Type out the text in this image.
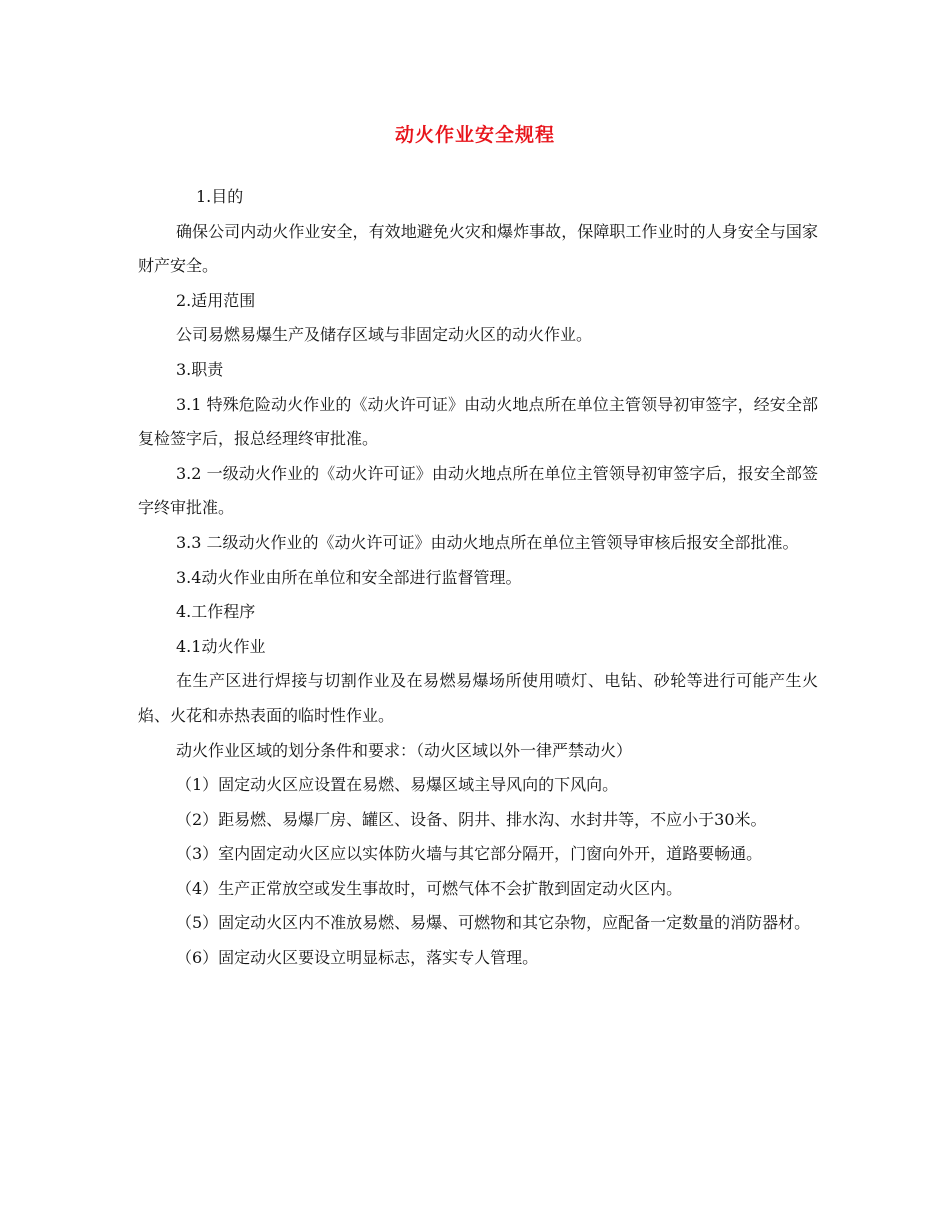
动火作业安全规程

1.目的

确保公司内动火作业安全，有效地避免火灾和爆炸事故，保障职工作业时的人身安全与国家财产安全。

2.适用范围

公司易燃易爆生产及储存区域与非固定动火区的动火作业。

3.职责

3.1 特殊危险动火作业的《动火许可证》由动火地点所在单位主管领导初审签字，经安全部复检签字后，报总经理终审批准。

3.2 一级动火作业的《动火许可证》由动火地点所在单位主管领导初审签字后，报安全部签字终审批准。

3.3 二级动火作业的《动火许可证》由动火地点所在单位主管领导审核后报安全部批准。

3.4动火作业由所在单位和安全部进行监督管理。

4.工作程序

4.1动火作业

在生产区进行焊接与切割作业及在易燃易爆场所使用喷灯、电钻、砂轮等进行可能产生火焰、火花和赤热表面的临时性作业。

动火作业区域的划分条件和要求：（动火区域以外一律严禁动火）

（1）固定动火区应设置在易燃、易爆区域主导风向的下风向。

（2）距易燃、易爆厂房、罐区、设备、阴井、排水沟、水封井等，不应小于30米。

（3）室内固定动火区应以实体防火墙与其它部分隔开，门窗向外开，道路要畅通。

（4）生产正常放空或发生事故时，可燃气体不会扩散到固定动火区内。

（5）固定动火区内不准放易燃、易爆、可燃物和其它杂物，应配备一定数量的消防器材。

（6）固定动火区要设立明显标志，落实专人管理。
